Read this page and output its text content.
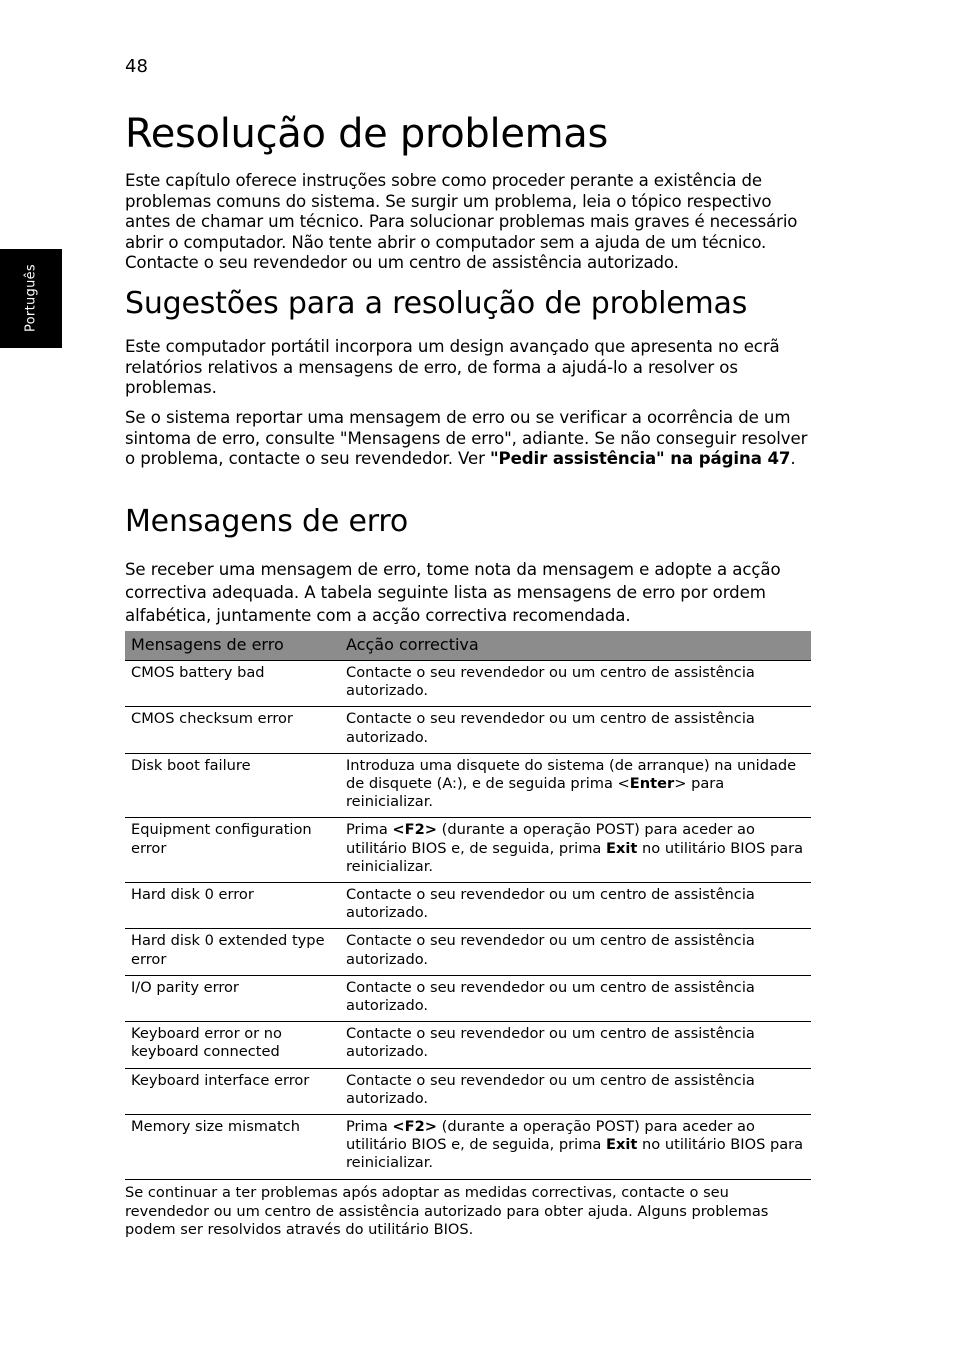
48
Português
Resolução de problemas

Este capítulo oferece instruções sobre como proceder perante a existência de problemas comuns do sistema. Se surgir um problema, leia o tópico respectivo antes de chamar um técnico. Para solucionar problemas mais graves é necessário abrir o computador. Não tente abrir o computador sem a ajuda de um técnico. Contacte o seu revendedor ou um centro de assistência autorizado.

Sugestões para a resolução de problemas

Este computador portátil incorpora um design avançado que apresenta no ecrã relatórios relativos a mensagens de erro, de forma a ajudá-lo a resolver os problemas.

Se o sistema reportar uma mensagem de erro ou se verificar a ocorrência de um sintoma de erro, consulte "Mensagens de erro", adiante. Se não conseguir resolver o problema, contacte o seu revendedor. Ver "Pedir assistência" na página 47.

Mensagens de erro

Se receber uma mensagem de erro, tome nota da mensagem e adopte a acção correctiva adequada. A tabela seguinte lista as mensagens de erro por ordem alfabética, juntamente com a acção correctiva recomendada.

Se continuar a ter problemas após adoptar as medidas correctivas, contacte o seu revendedor ou um centro de assistência autorizado para obter ajuda. Alguns problemas podem ser resolvidos através do utilitário BIOS.

Mensagens de erro	Acção correctiva
CMOS battery bad	Contacte o seu revendedor ou um centro de assistência autorizado.
CMOS checksum error	Contacte o seu revendedor ou um centro de assistência autorizado.
Disk boot failure	Introduza uma disquete do sistema (de arranque) na unidade de disquete (A:), e de seguida prima <Enter> para reinicializar.
Equipment configuration error	Prima <F2> (durante a operação POST) para aceder ao utilitário BIOS e, de seguida, prima Exit no utilitário BIOS para reinicializar.
Hard disk 0 error	Contacte o seu revendedor ou um centro de assistência autorizado.
Hard disk 0 extended type error	Contacte o seu revendedor ou um centro de assistência autorizado.
I/O parity error	Contacte o seu revendedor ou um centro de assistência autorizado.
Keyboard error or no keyboard connected	Contacte o seu revendedor ou um centro de assistência autorizado.
Keyboard interface error	Contacte o seu revendedor ou um centro de assistência autorizado.
Memory size mismatch	Prima <F2> (durante a operação POST) para aceder ao utilitário BIOS e, de seguida, prima Exit no utilitário BIOS para reinicializar.
